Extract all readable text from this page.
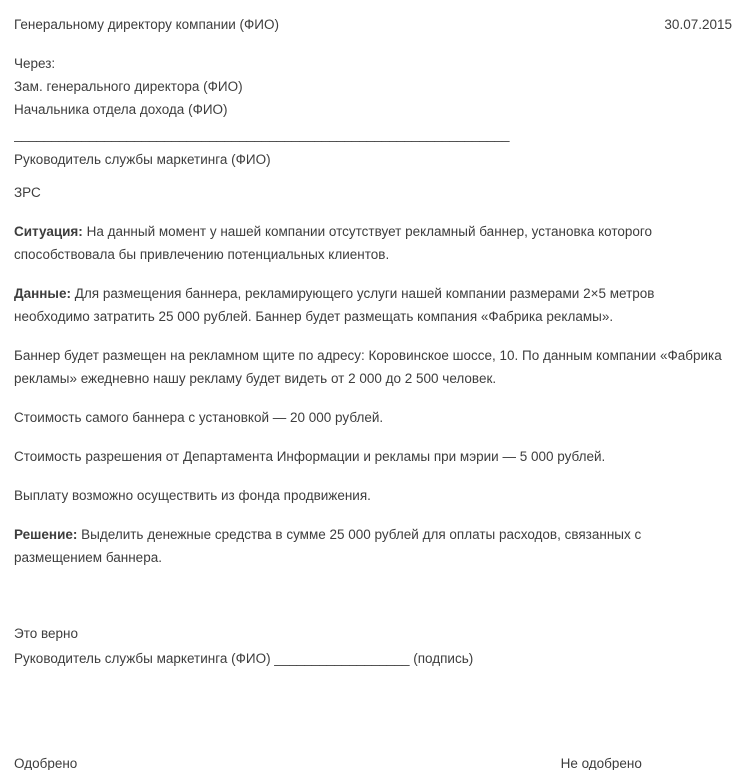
Генеральному директору компании (ФИО)	30.07.2015
Через:
Зам. генерального директора (ФИО)
Начальника отдела дохода (ФИО)
__________________________________________________________________
Руководитель службы маркетинга (ФИО)
ЗРС

Ситуация: На данный момент у нашей компании отсутствует рекламный баннер, установка которого способствовала бы привлечению потенциальных клиентов.

Данные: Для размещения баннера, рекламирующего услуги нашей компании размерами 2×5 метров необходимо затратить 25 000 рублей. Баннер будет размещать компания «Фабрика рекламы».

Баннер будет размещен на рекламном щите по адресу: Коровинское шоссе, 10. По данным компании «Фабрика рекламы» ежедневно нашу рекламу будет видеть от 2 000 до 2 500 человек.

Стоимость самого баннера с установкой — 20 000 рублей.

Стоимость разрешения от Департамента Информации и рекламы при мэрии — 5 000 рублей.

Выплату возможно осуществить из фонда продвижения.

Решение: Выделить денежные средства в сумме 25 000 рублей для оплаты расходов, связанных с размещением баннера.

Это верно
Руководитель службы маркетинга (ФИО) __________________ (подпись)
Одобрено_______________	Не одобрено____________
